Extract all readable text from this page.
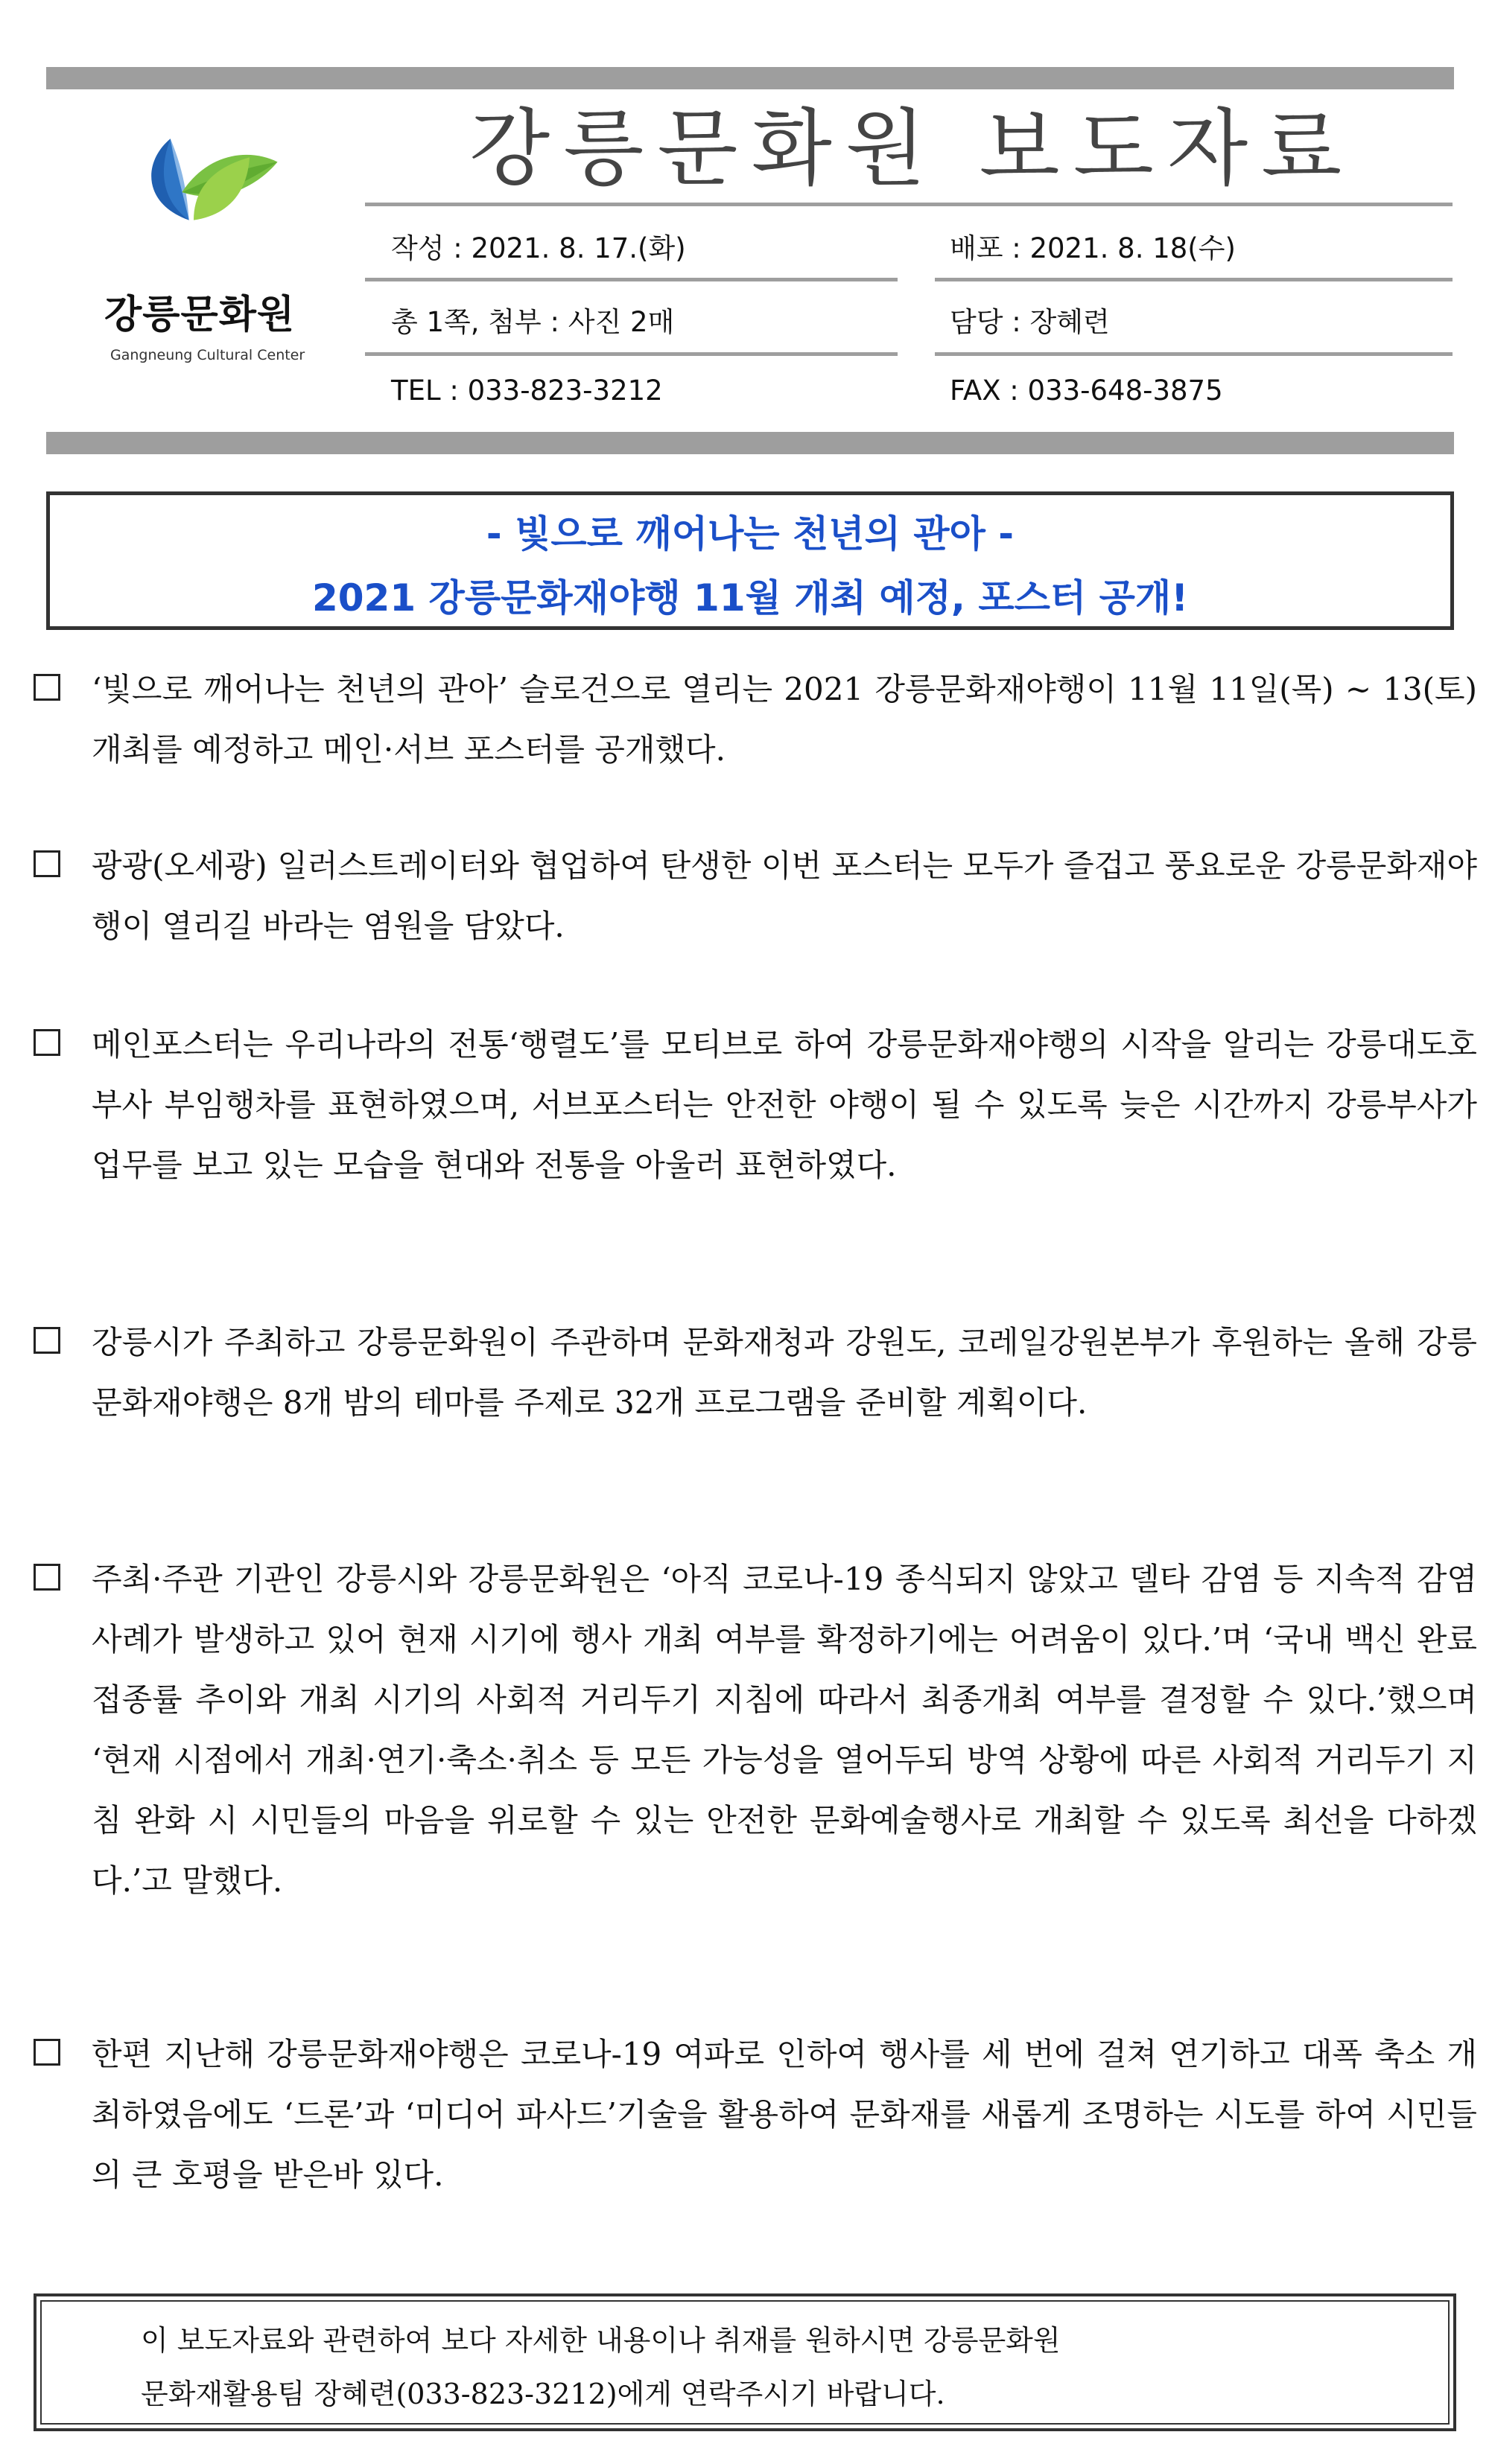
강릉문화원
Gangneung Cultural Center
강릉문화원 보도자료
작성 : 2021. 8. 17.(화)	배포 : 2021. 8. 18(수)
총 1쪽, 첨부 : 사진 2매	담당 : 장혜련
TEL : 033-823-3212	FAX : 033-648-3875
- 빛으로 깨어나는 천년의 관아 -
2021 강릉문화재야행 11월 개최 예정, 포스터 공개!
‘빛으로 깨어나는 천년의 관아’ 슬로건으로 열리는 2021 강릉문화재야행이 11월 11일(목) ~ 13(토) 개최를 예정하고 메인·서브 포스터를 공개했다.
광광(오세광) 일러스트레이터와 협업하여 탄생한 이번 포스터는 모두가 즐겁고 풍요로운 강릉문화재야행이 열리길 바라는 염원을 담았다.
메인포스터는 우리나라의 전통‘행렬도’를 모티브로 하여 강릉문화재야행의 시작을 알리는 강릉대도호부사 부임행차를 표현하였으며, 서브포스터는 안전한 야행이 될 수 있도록 늦은 시간까지 강릉부사가 업무를 보고 있는 모습을 현대와 전통을 아울러 표현하였다.
강릉시가 주최하고 강릉문화원이 주관하며 문화재청과 강원도, 코레일강원본부가 후원하는 올해 강릉문화재야행은 8개 밤의 테마를 주제로 32개 프로그램을 준비할 계획이다.
주최·주관 기관인 강릉시와 강릉문화원은 ‘아직 코로나-19 종식되지 않았고 델타 감염 등 지속적 감염사례가 발생하고 있어 현재 시기에 행사 개최 여부를 확정하기에는 어려움이 있다.’며 ‘국내 백신 완료접종률 추이와 개최 시기의 사회적 거리두기 지침에 따라서 최종개최 여부를 결정할 수 있다.’했으며 ‘현재 시점에서 개최·연기·축소·취소 등 모든 가능성을 열어두되 방역 상황에 따른 사회적 거리두기 지침 완화 시 시민들의 마음을 위로할 수 있는 안전한 문화예술행사로 개최할 수 있도록 최선을 다하겠다.’고 말했다.
한편 지난해 강릉문화재야행은 코로나-19 여파로 인하여 행사를 세 번에 걸쳐 연기하고 대폭 축소 개최하였음에도 ‘드론’과 ‘미디어 파사드’기술을 활용하여 문화재를 새롭게 조명하는 시도를 하여 시민들의 큰 호평을 받은바 있다.
이 보도자료와 관련하여 보다 자세한 내용이나 취재를 원하시면 강릉문화원
문화재활용팀 장혜련(033-823-3212)에게 연락주시기 바랍니다.
